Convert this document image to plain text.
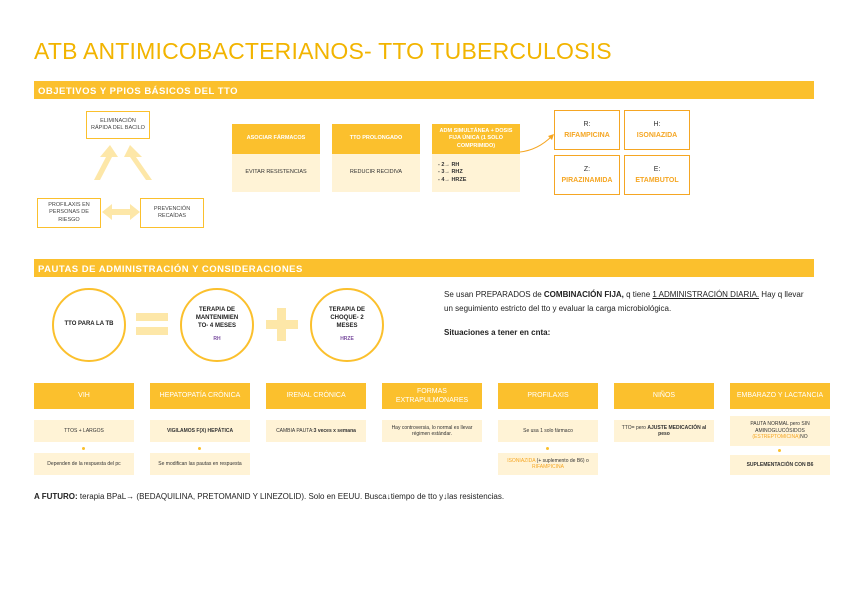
ATB ANTIMICOBACTERIANOS- TTO TUBERCULOSIS
OBJETIVOS Y PPIOS BÁSICOS DEL TTO
ELIMINACIÓN RÁPIDA DEL BACILO
PROFILAXIS EN PERSONAS DE RIESGO
PREVENCIÓN RECAÍDAS
ASOCIAR FÁRMACOS
EVITAR RESISTENCIAS
TTO PROLONGADO
REDUCIR RECIDIVA
ADM SIMULTÁNEA + DOSIS FIJA ÚNICA (1 SOLO COMPRIMIDO)
- 2→ RH
- 3→ RHZ
- 4→ HRZE
R:
RIFAMPICINA
H:
ISONIAZIDA
Z:
PIRAZINAMIDA
E:
ETAMBUTOL
PAUTAS DE ADMINISTRACIÓN Y CONSIDERACIONES
TTO PARA LA TB
TERAPIA DE MANTENIMIEN TO- 4 MESES
RH
TERAPIA DE CHOQUE- 2 MESES
HRZE
Se usan PREPARADOS de COMBINACIÓN FIJA, q tiene 1 ADMINISTRACIÓN DIARIA. Hay q llevar un seguimiento estricto del tto y evaluar la carga microbiológica.
Situaciones a tener en cnta:
VIH
TTOS + LARGOS
Dependen de la respuesta del pc
HEPATOPATÍA CRÓNICA
VIGILAMOS F(X) HEPÁTICA
Se modifican las pautas en respuesta
IRENAL CRÓNICA
CAMBIA PAUTA: 3 veces x semana
FORMAS EXTRAPULMONARES
Hay controversia, lo normal es llevar régimen estándar.
PROFILAXIS
Se usa 1 solo fármaco
ISONIAZIDA (+ suplemento de B6) o RIFAMPICINA
NIÑOS
TTO= pero AJUSTE MEDICACIÓN al peso
EMBARAZO Y LACTANCIA
PAUTA NORMAL pero SIN AMINOGLUCÓSIDOS (ESTREPTOMICINA)NO
SUPLEMENTACIÓN CON B6
A FUTURO: terapia BPaL→ (BEDAQUILINA, PRETOMANID Y LINEZOLID). Solo en EEUU. Busca↓tiempo de tto y↓las resistencias.
